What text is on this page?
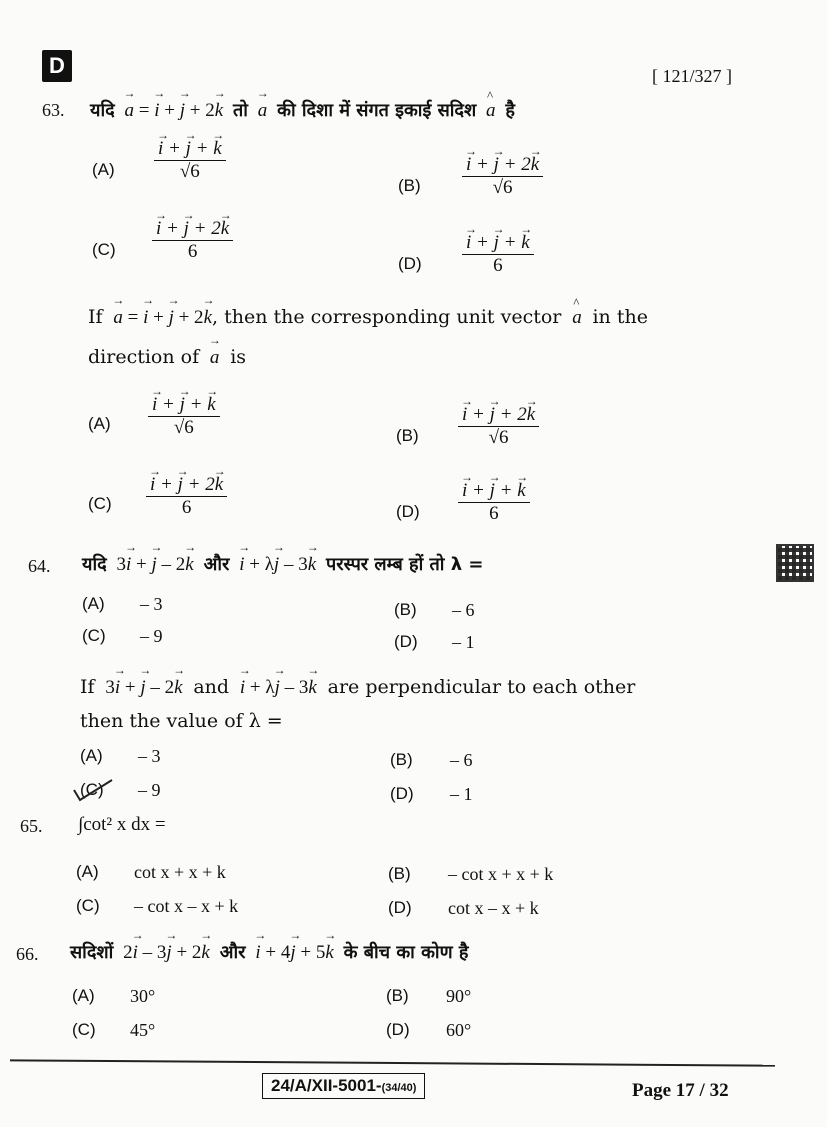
D	[ 121/327 ]
63. यदि  → a = → i + → j + 2→ k तो  → a की दिशा में संगत इकाई सदिश  ^ a है
(A)
→ $\frac{i + \to j + \to k}{√6}$
(B)
→ $\frac{i + \to j + 2\to k}{√6}$
(C)
→ $\frac{i + \to j + 2\to k}{6}$
(D)
→ $\frac{i + \to j + \to k}{6}$
If  → a = → i + → j + 2→ k, then the corresponding unit vector  ^ a in the
direction of  → a is
(A)
→ $\frac{i + \to j + \to k}{√6}$	(B)
→ $\frac{i + \to j + 2\to k}{√6}$
(C)
→ $\frac{i + \to j + 2\to k}{6}$	(D)
→ $\frac{i + \to j + \to k}{6}$
64. यदि  3→ i + → j – 2→ k और  → i + λ→ j – 3→ k परस्पर लम्ब हों तो λ =
(A) – 3	(B) – 6
(C) – 9	(D) – 1
If  3→ i + → j – 2→ k and  → i + λ→ j – 3→ k are perpendicular to each other
then the value of λ =
(A) – 3	(B) – 6
(C) – 9	(D) – 1
65. ∫cot² x dx =
(A) cot x + x + k	(B) – cot x + x + k
(C) – cot x – x + k	(D) cot x – x + k
66. सदिशों  2→ i – 3→ j + 2→ k और  → i + 4→ j + 5→ k के बीच का कोण है
(A) 30°	(B) 90°
(C) 45°	(D) 60°
24/A/XII-5001-(34/40)	Page 17 / 32
